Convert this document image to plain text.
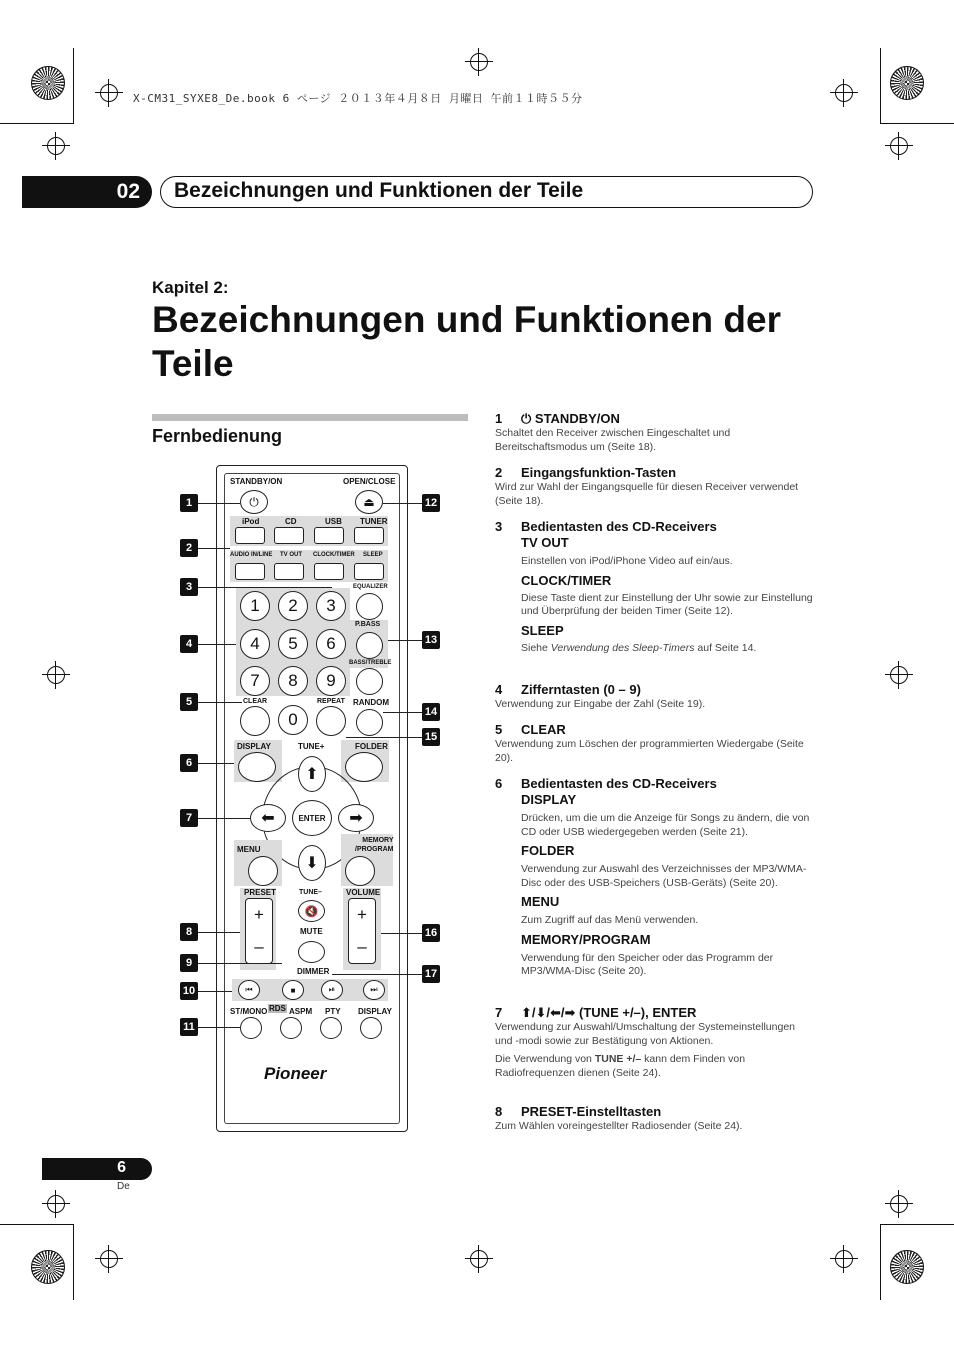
X-CM31_SYXE8_De.book 6 ページ ２０１３年４月８日 月曜日 午前１１時５５分
02 Bezeichnungen und Funktionen der Teile
Kapitel 2:
Bezeichnungen und Funktionen der Teile
Fernbedienung
STANDBY/ON	OPEN/CLOSE
⏻	⏏
iPod	CD	USB TUNER
AUDIO IN/LINE TV OUT CLOCK/TIMER SLEEP
1	2	3
4	5	6
7	8	9
0
EQUALIZER
P.BASS
BASS/TREBLE
CLEAR	REPEAT RANDOM
DISPLAY	FOLDER
TUNE+
⬆
⬇
⬅	➡
ENTER
MENU
MEMORY
/PROGRAM
PRESET	VOLUME
TUNE–
+
–
+
–
🔇
MUTE
DIMMER
⏮	■	⏯	⏭
ST/MONO RDS ASPM PTY DISPLAY
Pioneer
1
2
3
4
5
6
7
8
9
10
11
12
13
14
15
16
17
1 ⏻ STANDBY/ON
Schaltet den Receiver zwischen Eingeschaltet und Bereitschaftsmodus um (Seite 18).
2 Eingangsfunktion-Tasten
Wird zur Wahl der Eingangsquelle für diesen Receiver verwendet (Seite 18).
3 Bedientasten des CD-Receivers
TV OUT
Einstellen von iPod/iPhone Video auf ein/aus.
CLOCK/TIMER
Diese Taste dient zur Einstellung der Uhr sowie zur Einstellung und Überprüfung der beiden Timer (Seite 12).
SLEEP
Siehe Verwendung des Sleep-Timers auf Seite 14.
4 Zifferntasten (0 – 9)
Verwendung zur Eingabe der Zahl (Seite 19).
5 CLEAR
Verwendung zum Löschen der programmierten Wiedergabe (Seite 20).
6 Bedientasten des CD-Receivers
DISPLAY
Drücken, um die um die Anzeige für Songs zu ändern, die von CD oder USB wiedergegeben werden (Seite 21).
FOLDER
Verwendung zur Auswahl des Verzeichnisses der MP3/WMA-Disc oder des USB-Speichers (USB-Geräts) (Seite 20).
MENU
Zum Zugriff auf das Menü verwenden.
MEMORY/PROGRAM
Verwendung für den Speicher oder das Programm der MP3/WMA-Disc (Seite 20).
7 ⬆/⬇/⬅/➡ (TUNE +/–), ENTER
Verwendung zur Auswahl/Umschaltung der Systemeinstellungen und -modi sowie zur Bestätigung von Aktionen.
Die Verwendung von TUNE +/– kann dem Finden von Radiofrequenzen dienen (Seite 24).
8 PRESET-Einstelltasten
Zum Wählen voreingestellter Radiosender (Seite 24).
6
De
